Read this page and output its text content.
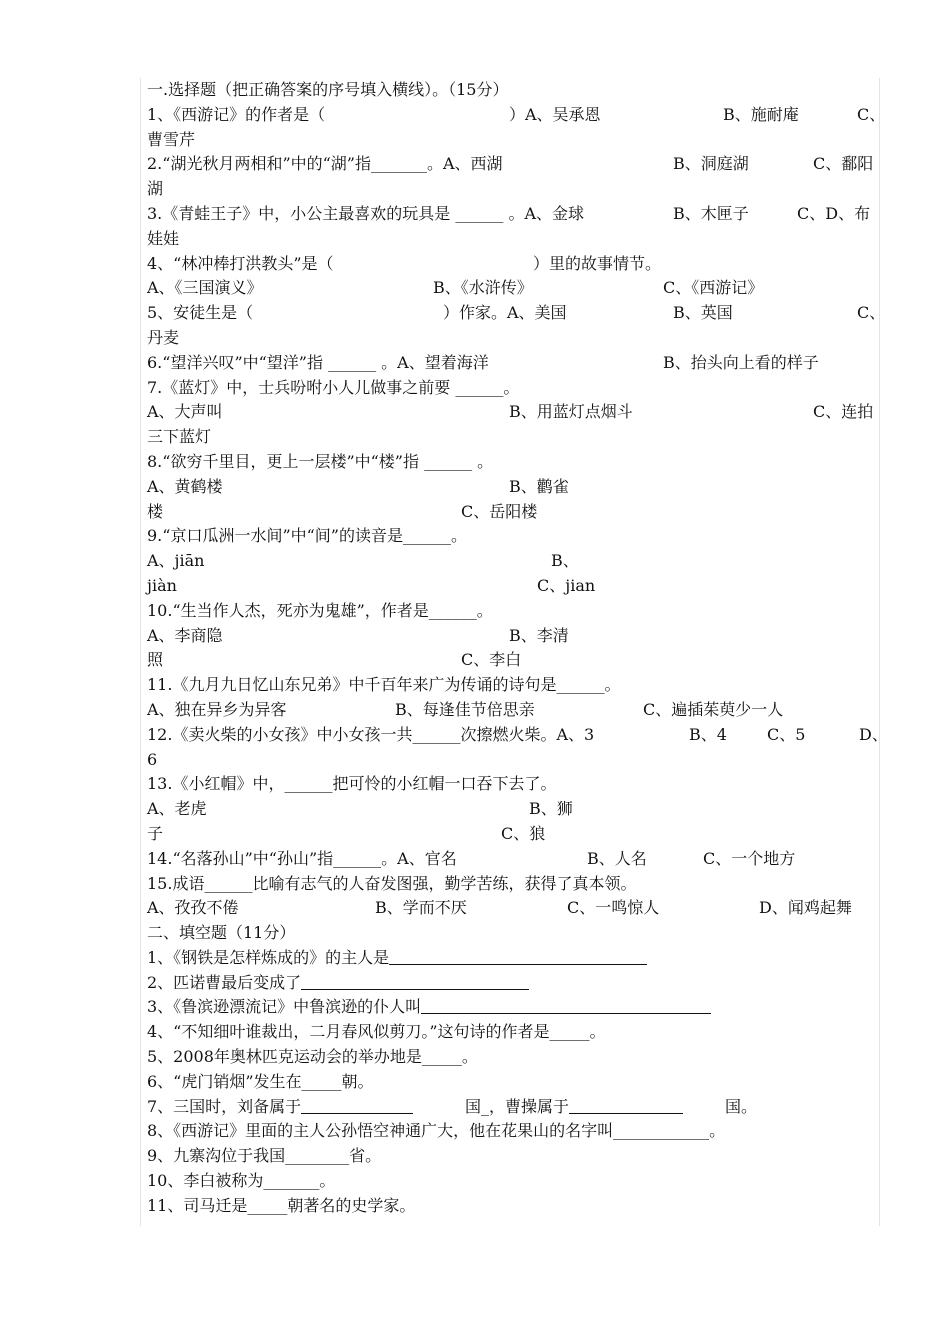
一.选择题（把正确答案的序号填入横线）。（15分）
1、《西游记》的作者是（	）A、吴承恩	B、施耐庵	C、
曹雪芹
2.“湖光秋月两相和”中的“湖”指_______。A、西湖	B、洞庭湖	C、鄱阳
湖
3.《青蛙王子》中，小公主最喜欢的玩具是 ______ 。A、金球	B、木匣子	C、D、布
娃娃
4、“林冲棒打洪教头”是（	）里的故事情节。
A、《三国演义》	B、《水浒传》	C、《西游记》
5、安徒生是（	）作家。A、美国	B、英国	C、
丹麦
6.“望洋兴叹”中“望洋”指 ______ 。A、望着海洋	B、抬头向上看的样子
7.《蓝灯》中，士兵吩咐小人儿做事之前要 ______。
A、大声叫	B、用蓝灯点烟斗	C、连拍
三下蓝灯
8.“欲穷千里目，更上一层楼”中“楼”指 ______ 。
A、黄鹤楼	B、鹳雀
楼	C、岳阳楼
9.“京口瓜洲一水间”中“间”的读音是______。
A、jiān	B、
jiàn	C、jian
10.“生当作人杰，死亦为鬼雄”，作者是______。
A、李商隐	B、李清
照	C、李白
11.《九月九日忆山东兄弟》中千百年来广为传诵的诗句是______。
A、独在异乡为异客	B、每逢佳节倍思亲	C、遍插茱萸少一人
12.《卖火柴的小女孩》中小女孩一共______次擦燃火柴。A、3	B、4	C、5	D、
6
13.《小红帽》中，______把可怜的小红帽一口吞下去了。
A、老虎	B、狮
子	C、狼
14.“名落孙山”中“孙山”指______。A、官名	B、人名	C、一个地方
15.成语______比喻有志气的人奋发图强，勤学苦练，获得了真本领。
A、孜孜不倦	B、学而不厌	C、一鸣惊人	D、闻鸡起舞
二、填空题（11分）
1、《钢铁是怎样炼成的》的主人是
2、匹诺曹最后变成了
3、《鲁滨逊漂流记》中鲁滨逊的仆人叫
4、“不知细叶谁裁出，二月春风似剪刀。”这句诗的作者是_____。
5、2008年奥林匹克运动会的举办地是_____。
6、“虎门销烟”发生在_____朝。
7、三国时，刘备属于	国_，曹操属于	国。
8、《西游记》里面的主人公孙悟空神通广大，他在花果山的名字叫____________。
9、九寨沟位于我国________省。
10、李白被称为_______。
11、司马迁是_____朝著名的史学家。
